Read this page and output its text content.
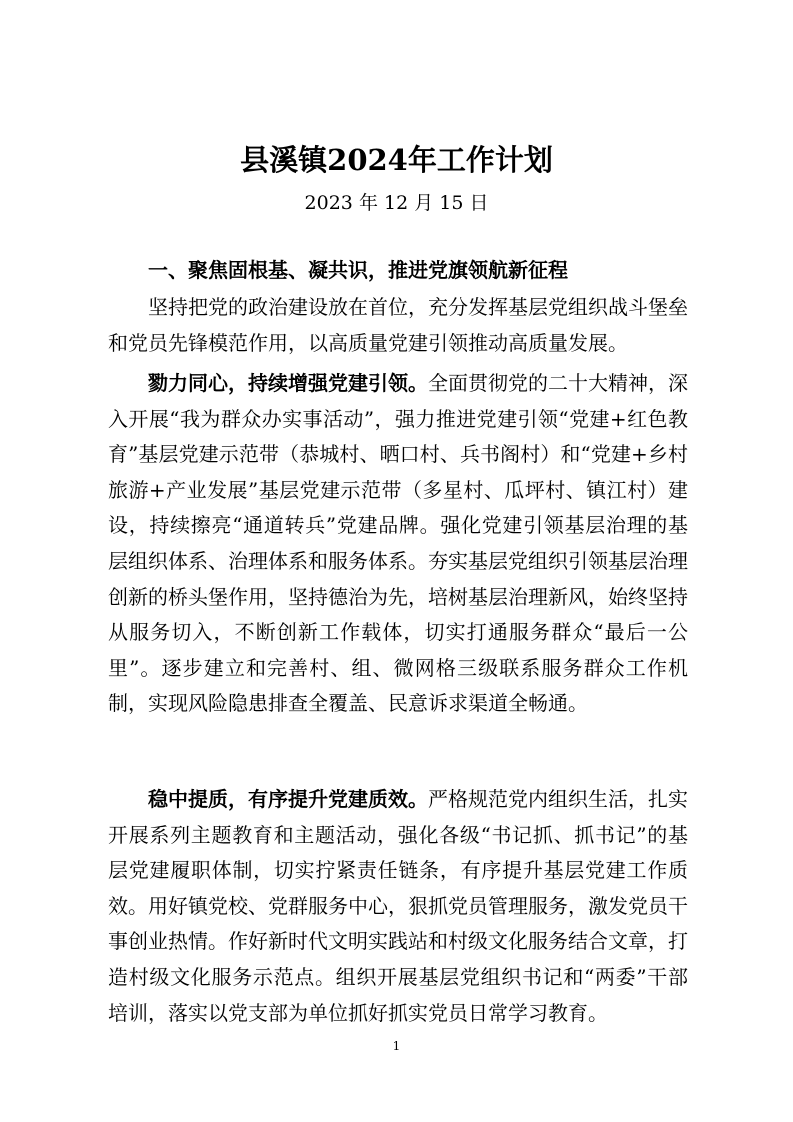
县溪镇2024年工作计划
2023 年 12 月 15 日
一、聚焦固根基、凝共识，推进党旗领航新征程

坚持把党的政治建设放在首位，充分发挥基层党组织战斗堡垒和党员先锋模范作用，以高质量党建引领推动高质量发展。

勠力同心，持续增强党建引领。全面贯彻党的二十大精神，深入开展“我为群众办实事活动”，强力推进党建引领“党建+红色教育”基层党建示范带（恭城村、晒口村、兵书阁村）和“党建+乡村旅游+产业发展”基层党建示范带（多星村、瓜坪村、镇江村）建设，持续擦亮“通道转兵”党建品牌。强化党建引领基层治理的基层组织体系、治理体系和服务体系。夯实基层党组织引领基层治理创新的桥头堡作用，坚持德治为先，培树基层治理新风，始终坚持从服务切入，不断创新工作载体，切实打通服务群众“最后一公里”。逐步建立和完善村、组、微网格三级联系服务群众工作机制，实现风险隐患排查全覆盖、民意诉求渠道全畅通。

稳中提质，有序提升党建质效。严格规范党内组织生活，扎实开展系列主题教育和主题活动，强化各级“书记抓、抓书记”的基层党建履职体制，切实拧紧责任链条，有序提升基层党建工作质效。用好镇党校、党群服务中心，狠抓党员管理服务，激发党员干事创业热情。作好新时代文明实践站和村级文化服务结合文章，打造村级文化服务示范点。组织开展基层党组织书记和“两委”干部培训，落实以党支部为单位抓好抓实党员日常学习教育。

1
